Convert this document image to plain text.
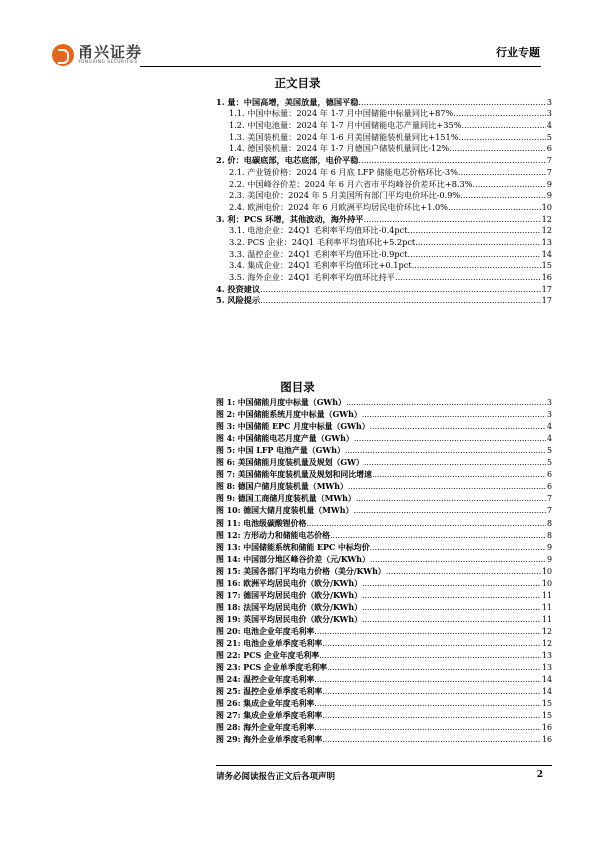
甬兴证券
YONGXING SECURITIES
行业专题
正文目录
1. 量：中国高增，美国放量，德国平稳 .....	3
1.1. 中国中标量：2024 年 1-7 月中国储能中标量同比+87% .....	3
1.2. 中国电池量：2024 年 1-7 月中国储能电芯产量同比+35% .....	4
1.3. 美国装机量：2024 年 1-6 月美国储能装机量同比+151% .....	5
1.4. 德国装机量：2024 年 1-7 月德国户储装机量同比-12% .....	6
2. 价：电碳底部，电芯底部，电价平稳 .....	7
2.1. 产业链价格：2024 年 6 月底 LFP 储能电芯价格环比-3% .....	7
2.2. 中国峰谷价差：2024 年 6 月六省市平均峰谷价差环比+8.3% .....	9
2.3. 美国电价：2024 年 5 月美国所有部门平均电价环比-0.9% .....	9
2.4. 欧洲电价：2024 年 6 月欧洲平均居民电价环比+1.0% .....	10
3. 利：PCS 环增，其他波动，海外持平 .....	12
3.1. 电池企业：24Q1 毛利率平均值环比-0.4pct .....	12
3.2. PCS 企业：24Q1 毛利率平均值环比+5.2pct .....	13
3.3. 温控企业：24Q1 毛利率平均值环比-0.9pct .....	14
3.4. 集成企业：24Q1 毛利率平均值环比+0.1pct .....	15
3.5. 海外企业：24Q1 毛利率平均值环比持平 .....	16
4. 投资建议 .....	17
5. 风险提示 .....	17
图目录
图 1: 中国储能月度中标量（GWh） .....	3
图 2: 中国储能系统月度中标量（GWh） .....	3
图 3: 中国储能 EPC 月度中标量（GWh） .....	4
图 4: 中国储能电芯月度产量（GWh） .....	4
图 5: 中国 LFP 电池产量（GWh） .....	5
图 6: 美国储能月度装机量及规划（GW） .....	5
图 7: 美国储能年度装机量及规划和同比增速 .....	6
图 8: 德国户储月度装机量（MWh） .....	6
图 9: 德国工商储月度装机量（MWh） .....	7
图 10: 德国大储月度装机量（MWh） .....	7
图 11: 电池级碳酸锂价格 .....	8
图 12: 方形动力和储能电芯价格 .....	8
图 13: 中国储能系统和储能 EPC 中标均价 .....	9
图 14: 中国部分地区峰谷价差（元/KWh） .....	9
图 15: 美国各部门平均电力价格（美分/KWh） .....	10
图 16: 欧洲平均居民电价（欧分/KWh） .....	10
图 17: 德国平均居民电价（欧分/KWh） .....	11
图 18: 法国平均居民电价（欧分/KWh） .....	11
图 19: 英国平均居民电价（欧分/KWh） .....	11
图 20: 电池企业年度毛利率 .....	12
图 21: 电池企业单季度毛利率 .....	12
图 22: PCS 企业年度毛利率 .....	13
图 23: PCS 企业单季度毛利率 .....	13
图 24: 温控企业年度毛利率 .....	14
图 25: 温控企业单季度毛利率 .....	14
图 26: 集成企业年度毛利率 .....	15
图 27: 集成企业单季度毛利率 .....	15
图 28: 海外企业年度毛利率 .....	16
图 29: 海外企业单季度毛利率 .....	16
请务必阅读报告正文后各项声明	2
